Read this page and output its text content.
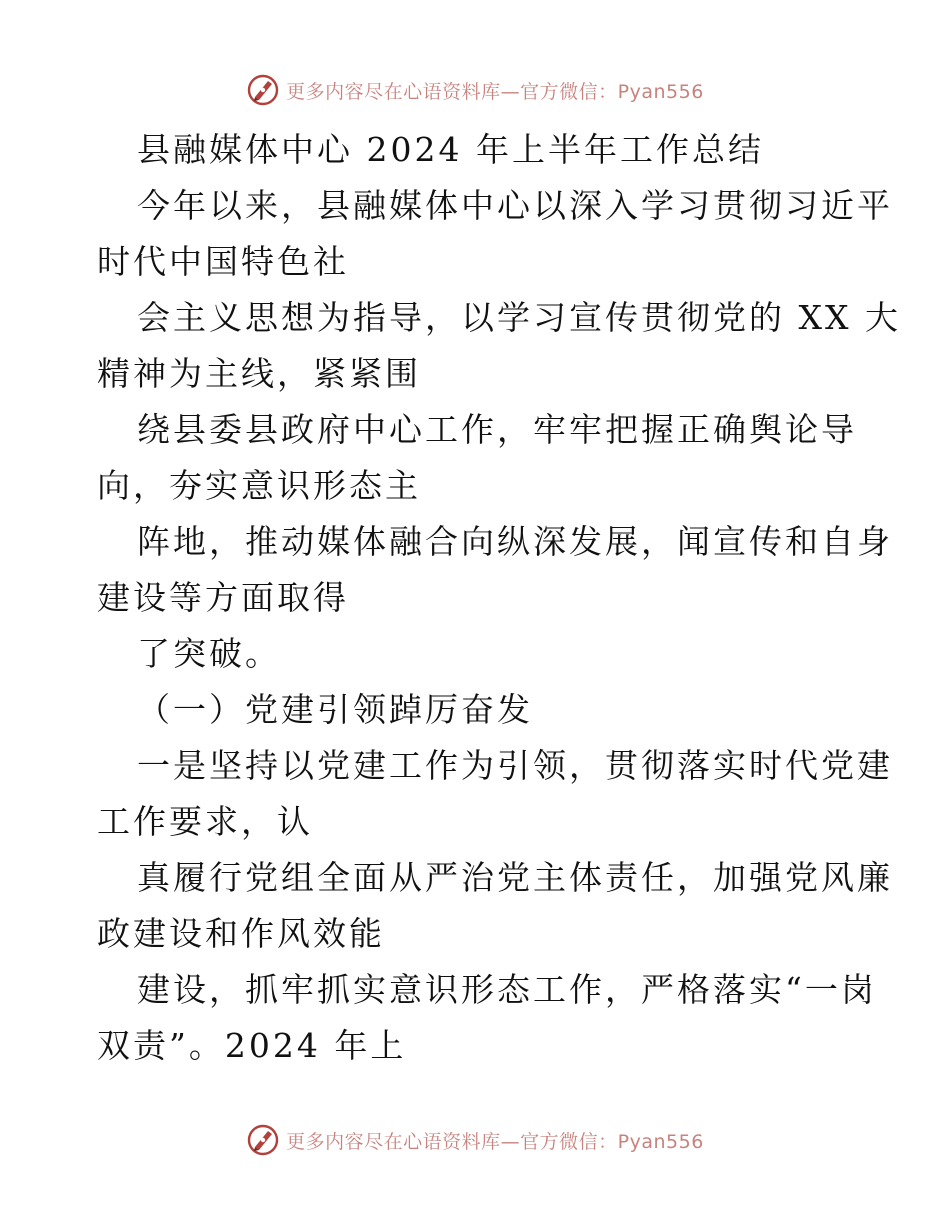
更多内容尽在心语资料库—官方微信：Pyan556
县融媒体中心 2024 年上半年工作总结
今年以来，县融媒体中心以深入学习贯彻习近平
时代中国特色社
会主义思想为指导，以学习宣传贯彻党的 XX 大
精神为主线，紧紧围
绕县委县政府中心工作，牢牢把握正确舆论导
向，夯实意识形态主
阵地，推动媒体融合向纵深发展，闻宣传和自身
建设等方面取得
了突破。
（一）党建引领踔厉奋发
一是坚持以党建工作为引领，贯彻落实时代党建
工作要求，认
真履行党组全面从严治党主体责任，加强党风廉
政建设和作风效能
建设，抓牢抓实意识形态工作，严格落实“一岗
双责”。2024 年上
更多内容尽在心语资料库—官方微信：Pyan556
